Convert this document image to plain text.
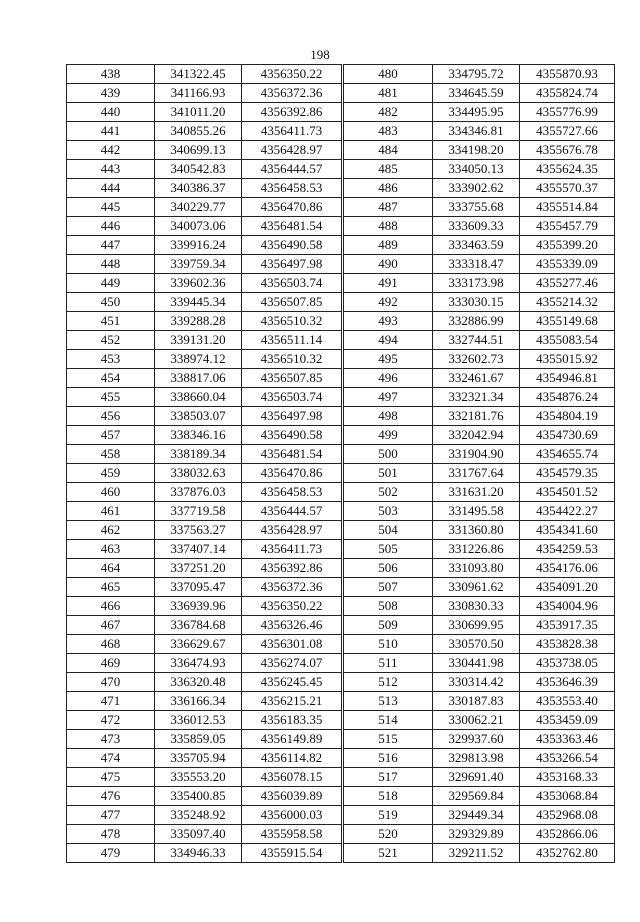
198
438	341322.45	4356350.22
439	341166.93	4356372.36
440	341011.20	4356392.86
441	340855.26	4356411.73
442	340699.13	4356428.97
443	340542.83	4356444.57
444	340386.37	4356458.53
445	340229.77	4356470.86
446	340073.06	4356481.54
447	339916.24	4356490.58
448	339759.34	4356497.98
449	339602.36	4356503.74
450	339445.34	4356507.85
451	339288.28	4356510.32
452	339131.20	4356511.14
453	338974.12	4356510.32
454	338817.06	4356507.85
455	338660.04	4356503.74
456	338503.07	4356497.98
457	338346.16	4356490.58
458	338189.34	4356481.54
459	338032.63	4356470.86
460	337876.03	4356458.53
461	337719.58	4356444.57
462	337563.27	4356428.97
463	337407.14	4356411.73
464	337251.20	4356392.86
465	337095.47	4356372.36
466	336939.96	4356350.22
467	336784.68	4356326.46
468	336629.67	4356301.08
469	336474.93	4356274.07
470	336320.48	4356245.45
471	336166.34	4356215.21
472	336012.53	4356183.35
473	335859.05	4356149.89
474	335705.94	4356114.82
475	335553.20	4356078.15
476	335400.85	4356039.89
477	335248.92	4356000.03
478	335097.40	4355958.58
479	334946.33	4355915.54
480	334795.72	4355870.93
481	334645.59	4355824.74
482	334495.95	4355776.99
483	334346.81	4355727.66
484	334198.20	4355676.78
485	334050.13	4355624.35
486	333902.62	4355570.37
487	333755.68	4355514.84
488	333609.33	4355457.79
489	333463.59	4355399.20
490	333318.47	4355339.09
491	333173.98	4355277.46
492	333030.15	4355214.32
493	332886.99	4355149.68
494	332744.51	4355083.54
495	332602.73	4355015.92
496	332461.67	4354946.81
497	332321.34	4354876.24
498	332181.76	4354804.19
499	332042.94	4354730.69
500	331904.90	4354655.74
501	331767.64	4354579.35
502	331631.20	4354501.52
503	331495.58	4354422.27
504	331360.80	4354341.60
505	331226.86	4354259.53
506	331093.80	4354176.06
507	330961.62	4354091.20
508	330830.33	4354004.96
509	330699.95	4353917.35
510	330570.50	4353828.38
511	330441.98	4353738.05
512	330314.42	4353646.39
513	330187.83	4353553.40
514	330062.21	4353459.09
515	329937.60	4353363.46
516	329813.98	4353266.54
517	329691.40	4353168.33
518	329569.84	4353068.84
519	329449.34	4352968.08
520	329329.89	4352866.06
521	329211.52	4352762.80
